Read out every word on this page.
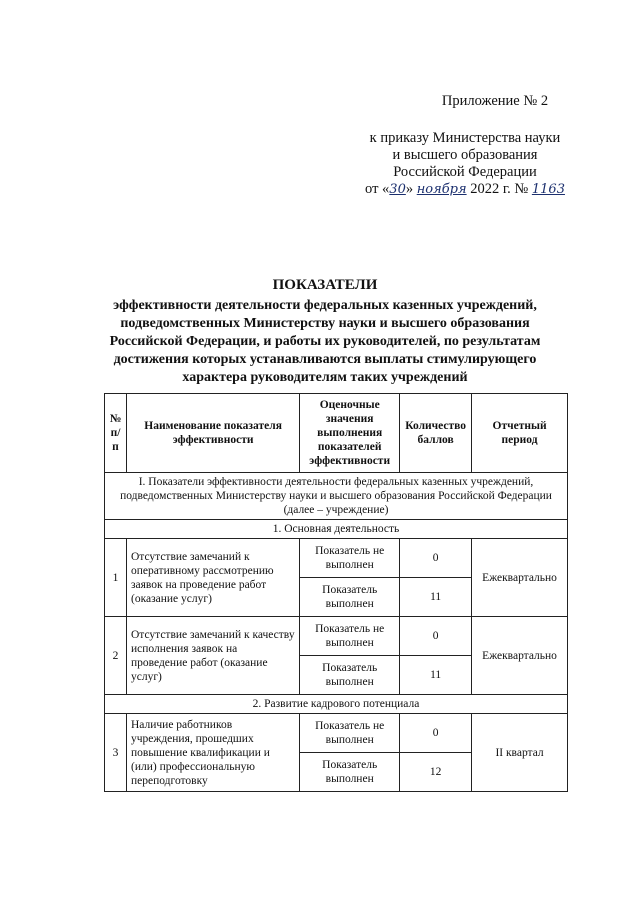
Приложение № 2
к приказу Министерства науки
и высшего образования
Российской Федерации
от «30» ноября 2022 г. № 1163
ПОКАЗАТЕЛИ
эффективности деятельности федеральных казенных учреждений, подведомственных Министерству науки и высшего образования Российской Федерации, и работы их руководителей, по результатам достижения которых устанавливаются выплаты стимулирующего характера руководителям таких учреждений
№ п/п	Наименование показателя эффективности	Оценочные значения выполнения показателей эффективности	Количество баллов	Отчетный период
I. Показатели эффективности деятельности федеральных казенных учреждений, подведомственных Министерству науки и высшего образования Российской Федерации (далее – учреждение)				
1. Основная деятельность				
1	Отсутствие замечаний к оперативному рассмотрению заявок на проведение работ (оказание услуг)	Показатель не выполнен	0	Ежеквартально
		Показатель выполнен	11	
2	Отсутствие замечаний к качеству исполнения заявок на проведение работ (оказание услуг)	Показатель не выполнен	0	Ежеквартально
		Показатель выполнен	11	
2. Развитие кадрового потенциала				
3	Наличие работников учреждения, прошедших повышение квалификации и (или) профессиональную переподготовку	Показатель не выполнен	0	II квартал
		Показатель выполнен	12	
